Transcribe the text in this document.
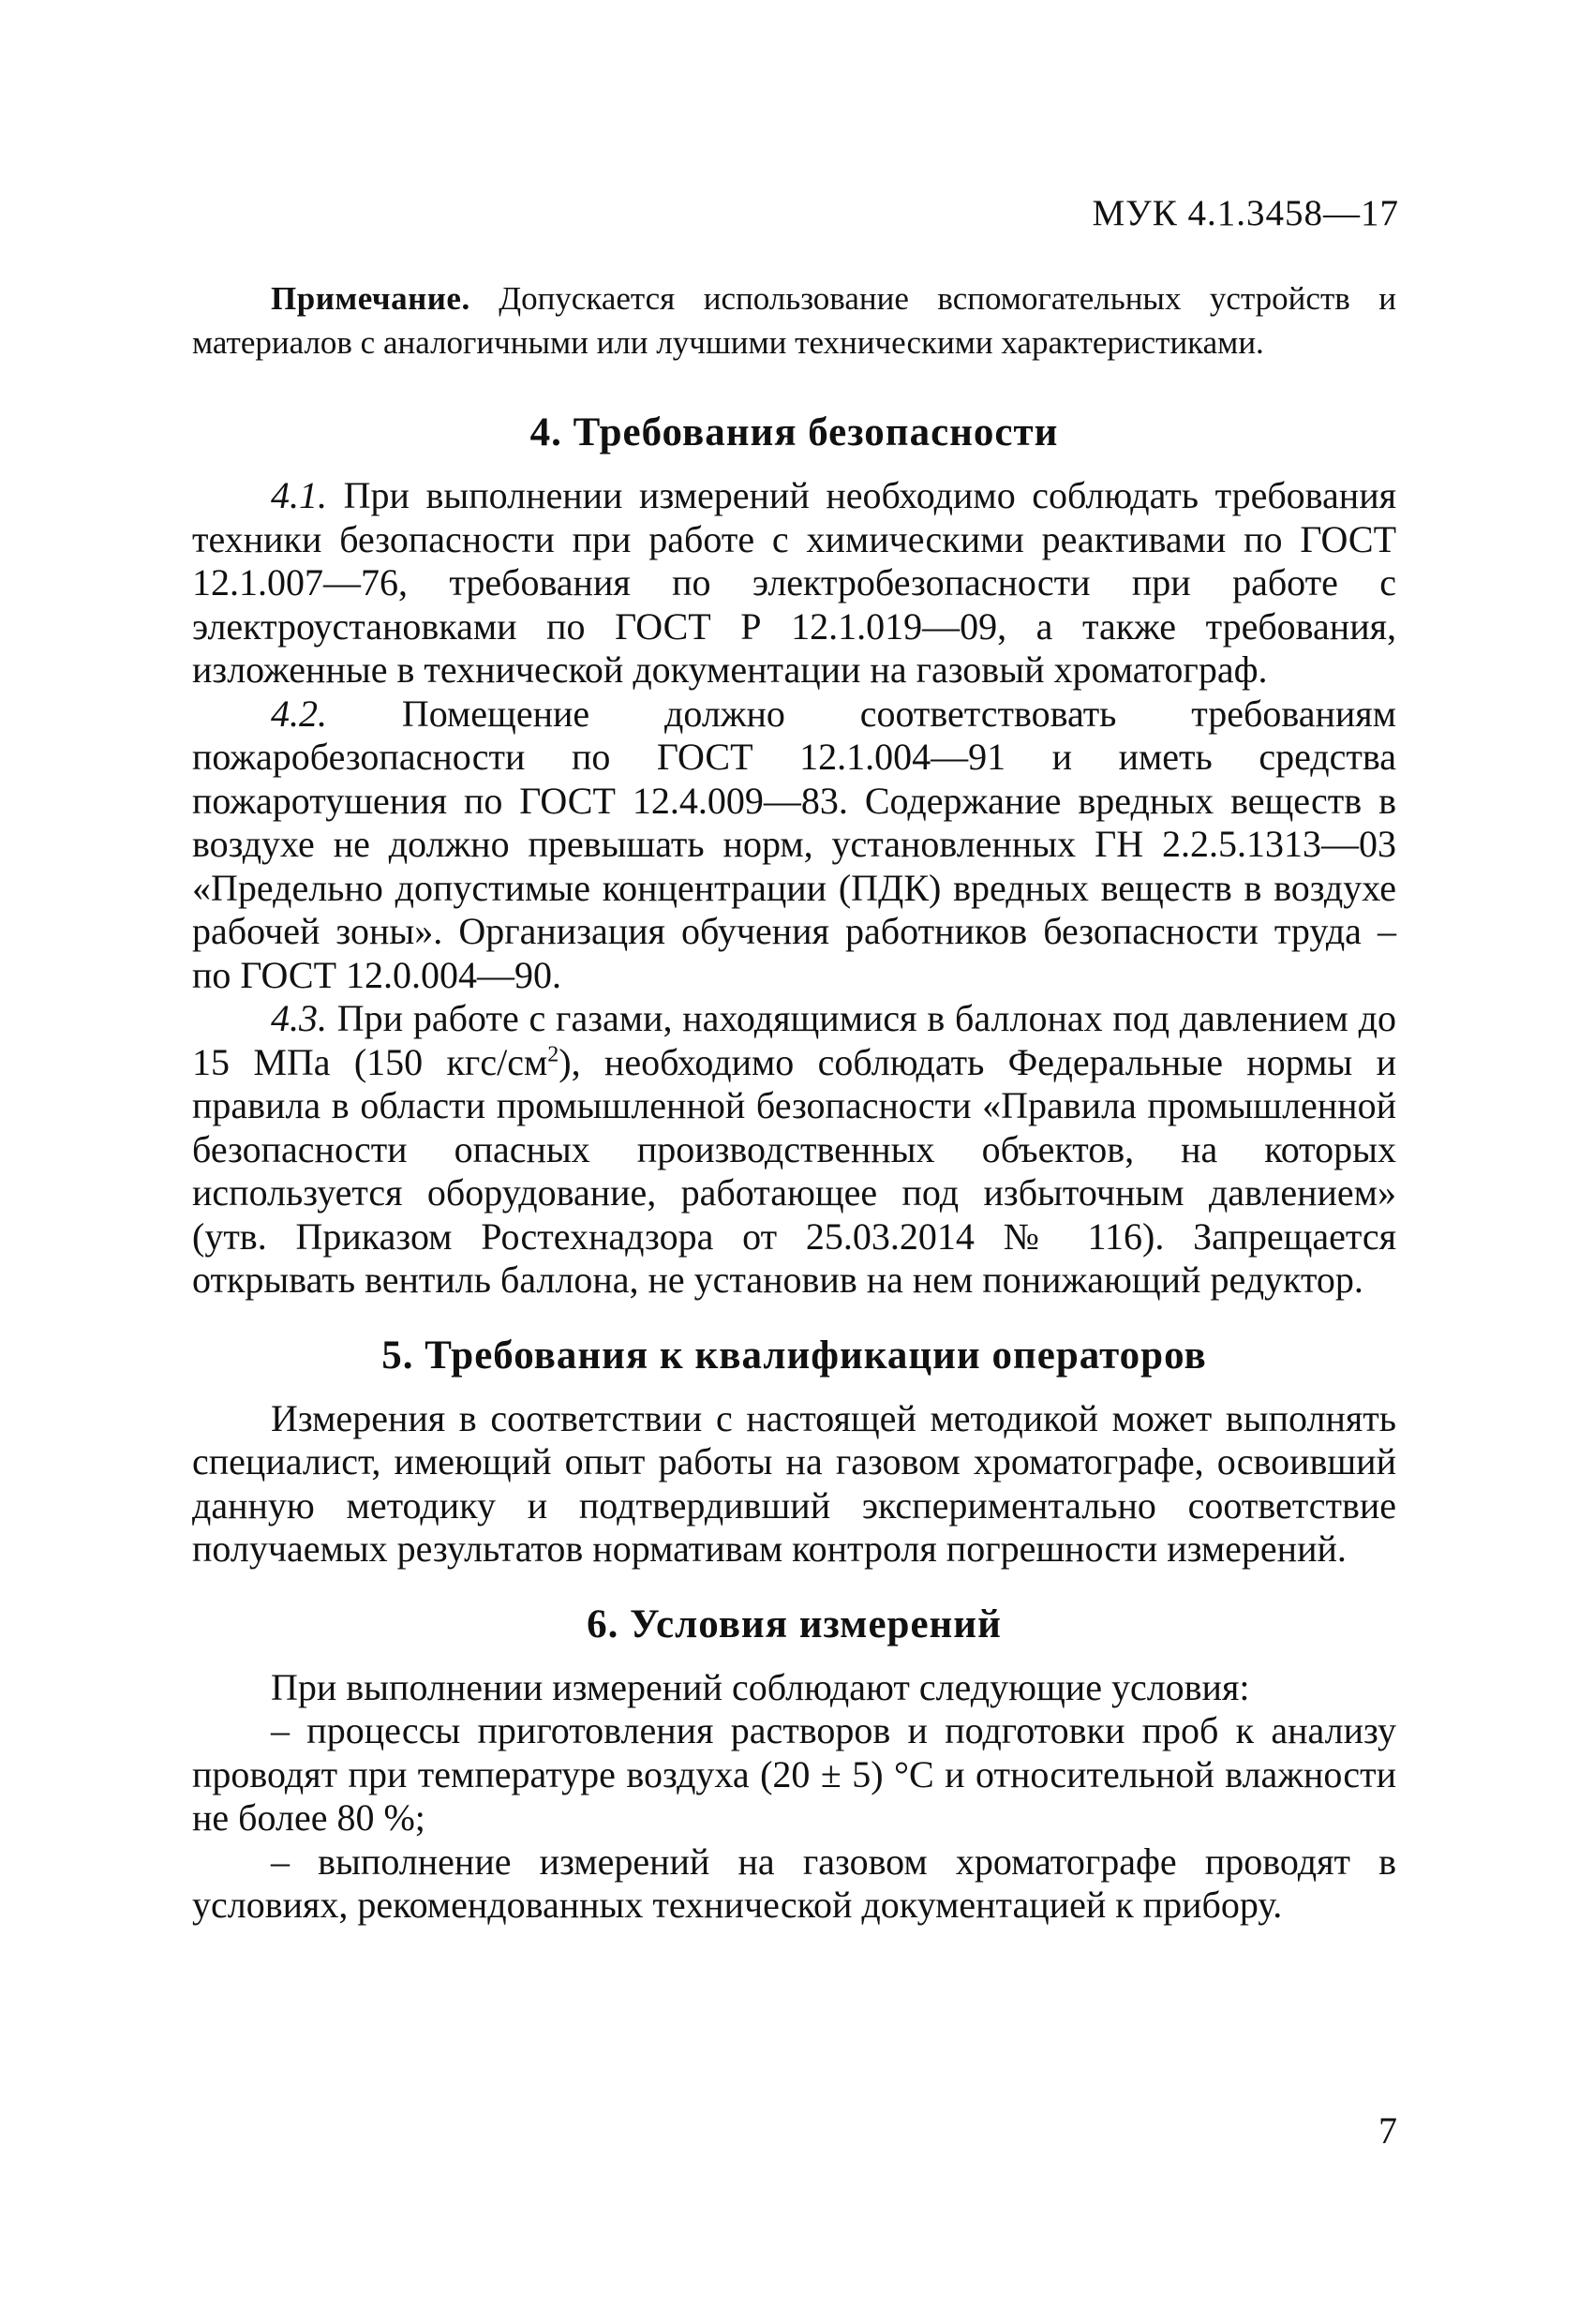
МУК 4.1.3458—17

Примечание. Допускается использование вспомогательных устройств и материалов с аналогичными или лучшими техническими характеристиками.

4. Требования безопасности

4.1. При выполнении измерений необходимо соблюдать требования техники безопасности при работе с химическими реактивами по ГОСТ 12.1.007—76, требования по электробезопасности при работе с электроустановками по ГОСТ Р 12.1.019—09, а также требования, изложенные в технической документации на газовый хроматограф.

4.2. Помещение должно соответствовать требованиям пожаробезопасности по ГОСТ 12.1.004—91 и иметь средства пожаротушения по ГОСТ 12.4.009—83. Содержание вредных веществ в воздухе не должно превышать норм, установленных ГН 2.2.5.1313—03 «Предельно допустимые концентрации (ПДК) вредных веществ в воздухе рабочей зоны». Организация обучения работников безопасности труда – по ГОСТ 12.0.004—90.

4.3. При работе с газами, находящимися в баллонах под давлением до 15 МПа (150 кгс/$см^2$), необходимо соблюдать Федеральные нормы и правила в области промышленной безопасности «Правила промышленной безопасности опасных производственных объектов, на которых используется оборудование, работающее под избыточным давлением» (утв. Приказом Ростехнадзора от 25.03.2014 № 116). Запрещается открывать вентиль баллона, не установив на нем понижающий редуктор.

5. Требования к квалификации операторов

Измерения в соответствии с настоящей методикой может выполнять специалист, имеющий опыт работы на газовом хроматографе, освоивший данную методику и подтвердивший экспериментально соответствие получаемых результатов нормативам контроля погрешности измерений.

6. Условия измерений

При выполнении измерений соблюдают следующие условия:

– процессы приготовления растворов и подготовки проб к анализу проводят при температуре воздуха (20 ± 5) °С и относительной влажности не более 80 %;

– выполнение измерений на газовом хроматографе проводят в условиях, рекомендованных технической документацией к прибору.

7
